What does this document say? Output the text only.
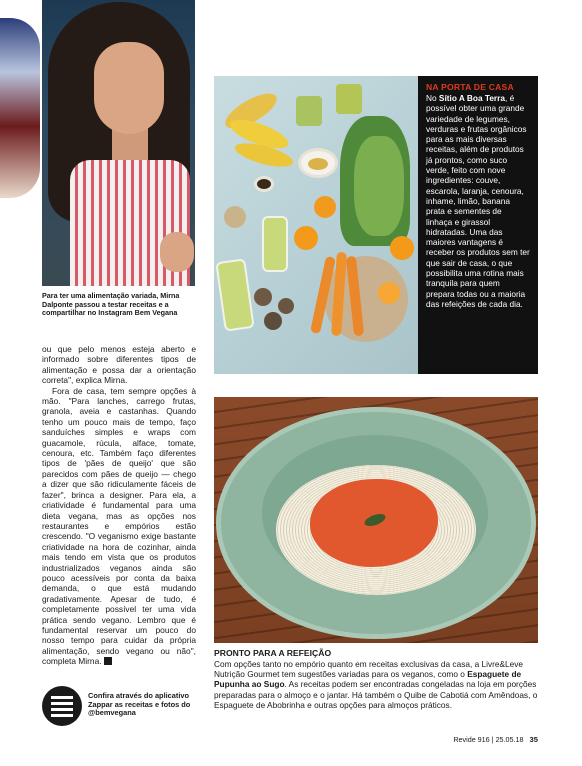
Para ter uma alimentação variada, Mirna Dalponte passou a testar receitas e a compartilhar no Instagram Bem Vegana

ou que pelo menos esteja aberto e informado sobre diferentes tipos de alimentação e possa dar a orientação correta", explica Mirna.

Fora de casa, tem sempre opções à mão. "Para lanches, carrego frutas, granola, aveia e castanhas. Quando tenho um pouco mais de tempo, faço sanduíches simples e wraps com guacamole, rúcula, alface, tomate, cenoura, etc. Também faço diferentes tipos de 'pães de queijo' que são parecidos com pães de queijo — chego a dizer que são ridiculamente fáceis de fazer", brinca a designer. Para ela, a criatividade é fundamental para uma dieta vegana, mas as opções nos restaurantes e empórios estão crescendo. "O veganismo exige bastante criatividade na hora de cozinhar, ainda mais tendo em vista que os produtos industrializados veganos ainda são pouco acessíveis por conta da baixa demanda, o que está mudando gradativamente. Apesar de tudo, é completamente possível ter uma vida prática sendo vegano. Lembro que é fundamental reservar um pouco do nosso tempo para cuidar da própria alimentação, sendo vegano ou não", completa Mirna.

Confira através do aplicativo Zappar as receitas e fotos do @bemvegana
NA PORTA DE CASA
No Sítio A Boa Terra, é possível obter uma grande variedade de legumes, verduras e frutas orgânicos para as mais diversas receitas, além de produtos já prontos, como suco verde, feito com nove ingredientes: couve, escarola, laranja, cenoura, inhame, limão, banana prata e sementes de linhaça e girassol hidratadas. Uma das maiores vantagens é receber os produtos sem ter que sair de casa, o que possibilita uma rotina mais tranquila para quem prepara todas ou a maioria das refeições de cada dia.
PRONTO PARA A REFEIÇÃO
Com opções tanto no empório quanto em receitas exclusivas da casa, a Livre&Leve Nutrição Gourmet tem sugestões variadas para os veganos, como o Espaguete de Pupunha ao Sugo. As receitas podem ser encontradas congeladas na loja em porções preparadas para o almoço e o jantar. Há também o Quibe de Cabotiá com Amêndoas, o Espaguete de Abobrinha e outras opções para almoços práticos.
Revide 916 | 25.05.18 35
